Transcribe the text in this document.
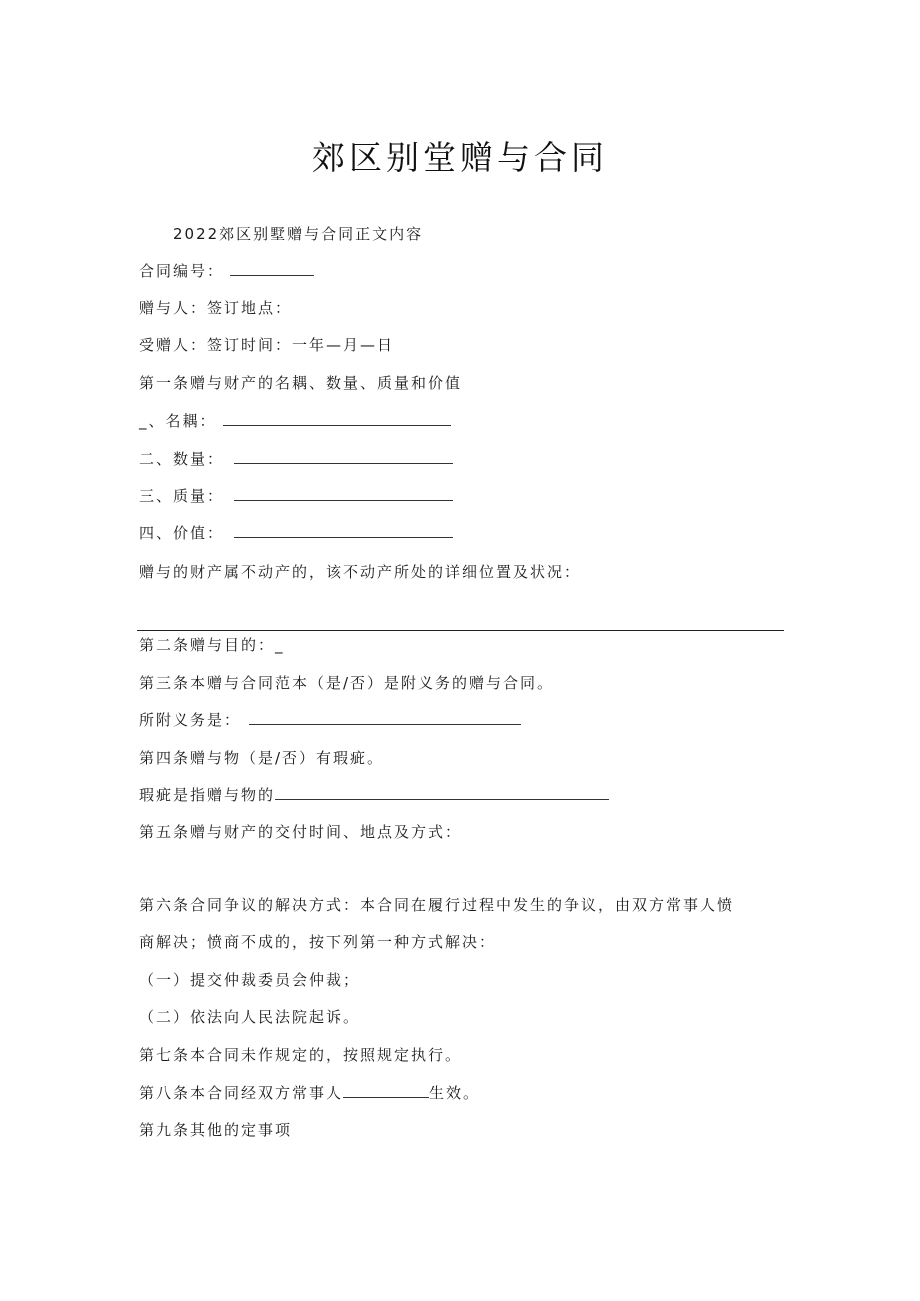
郊区别堂赠与合同
2022郊区别墅赠与合同正文内容
合同编号：
赠与人：签订地点：
受赠人：签订时间：一年—月—日
第一条赠与财产的名耦、数量、质量和价值
_、名耦：
二、数量：
三、质量：
四、价值：
赠与的财产属不动产的，该不动产所处的详细位置及状况：
第二条赠与目的：_
第三条本赠与合同范本（是/否）是附义务的赠与合同。
所附义务是：
第四条赠与物（是/否）有瑕疵。
瑕疵是指赠与物的
第五条赠与财产的交付时间、地点及方式：
第六条合同争议的解决方式：本合同在履行过程中发生的争议，由双方常事人愤
商解决；愤商不成的，按下列第一种方式解决：
（一）提交仲裁委员会仲裁；
（二）依法向人民法院起诉。
第七条本合同未作规定的，按照规定执行。
第八条本合同经双方常事人	生效。
第九条其他的定事项
